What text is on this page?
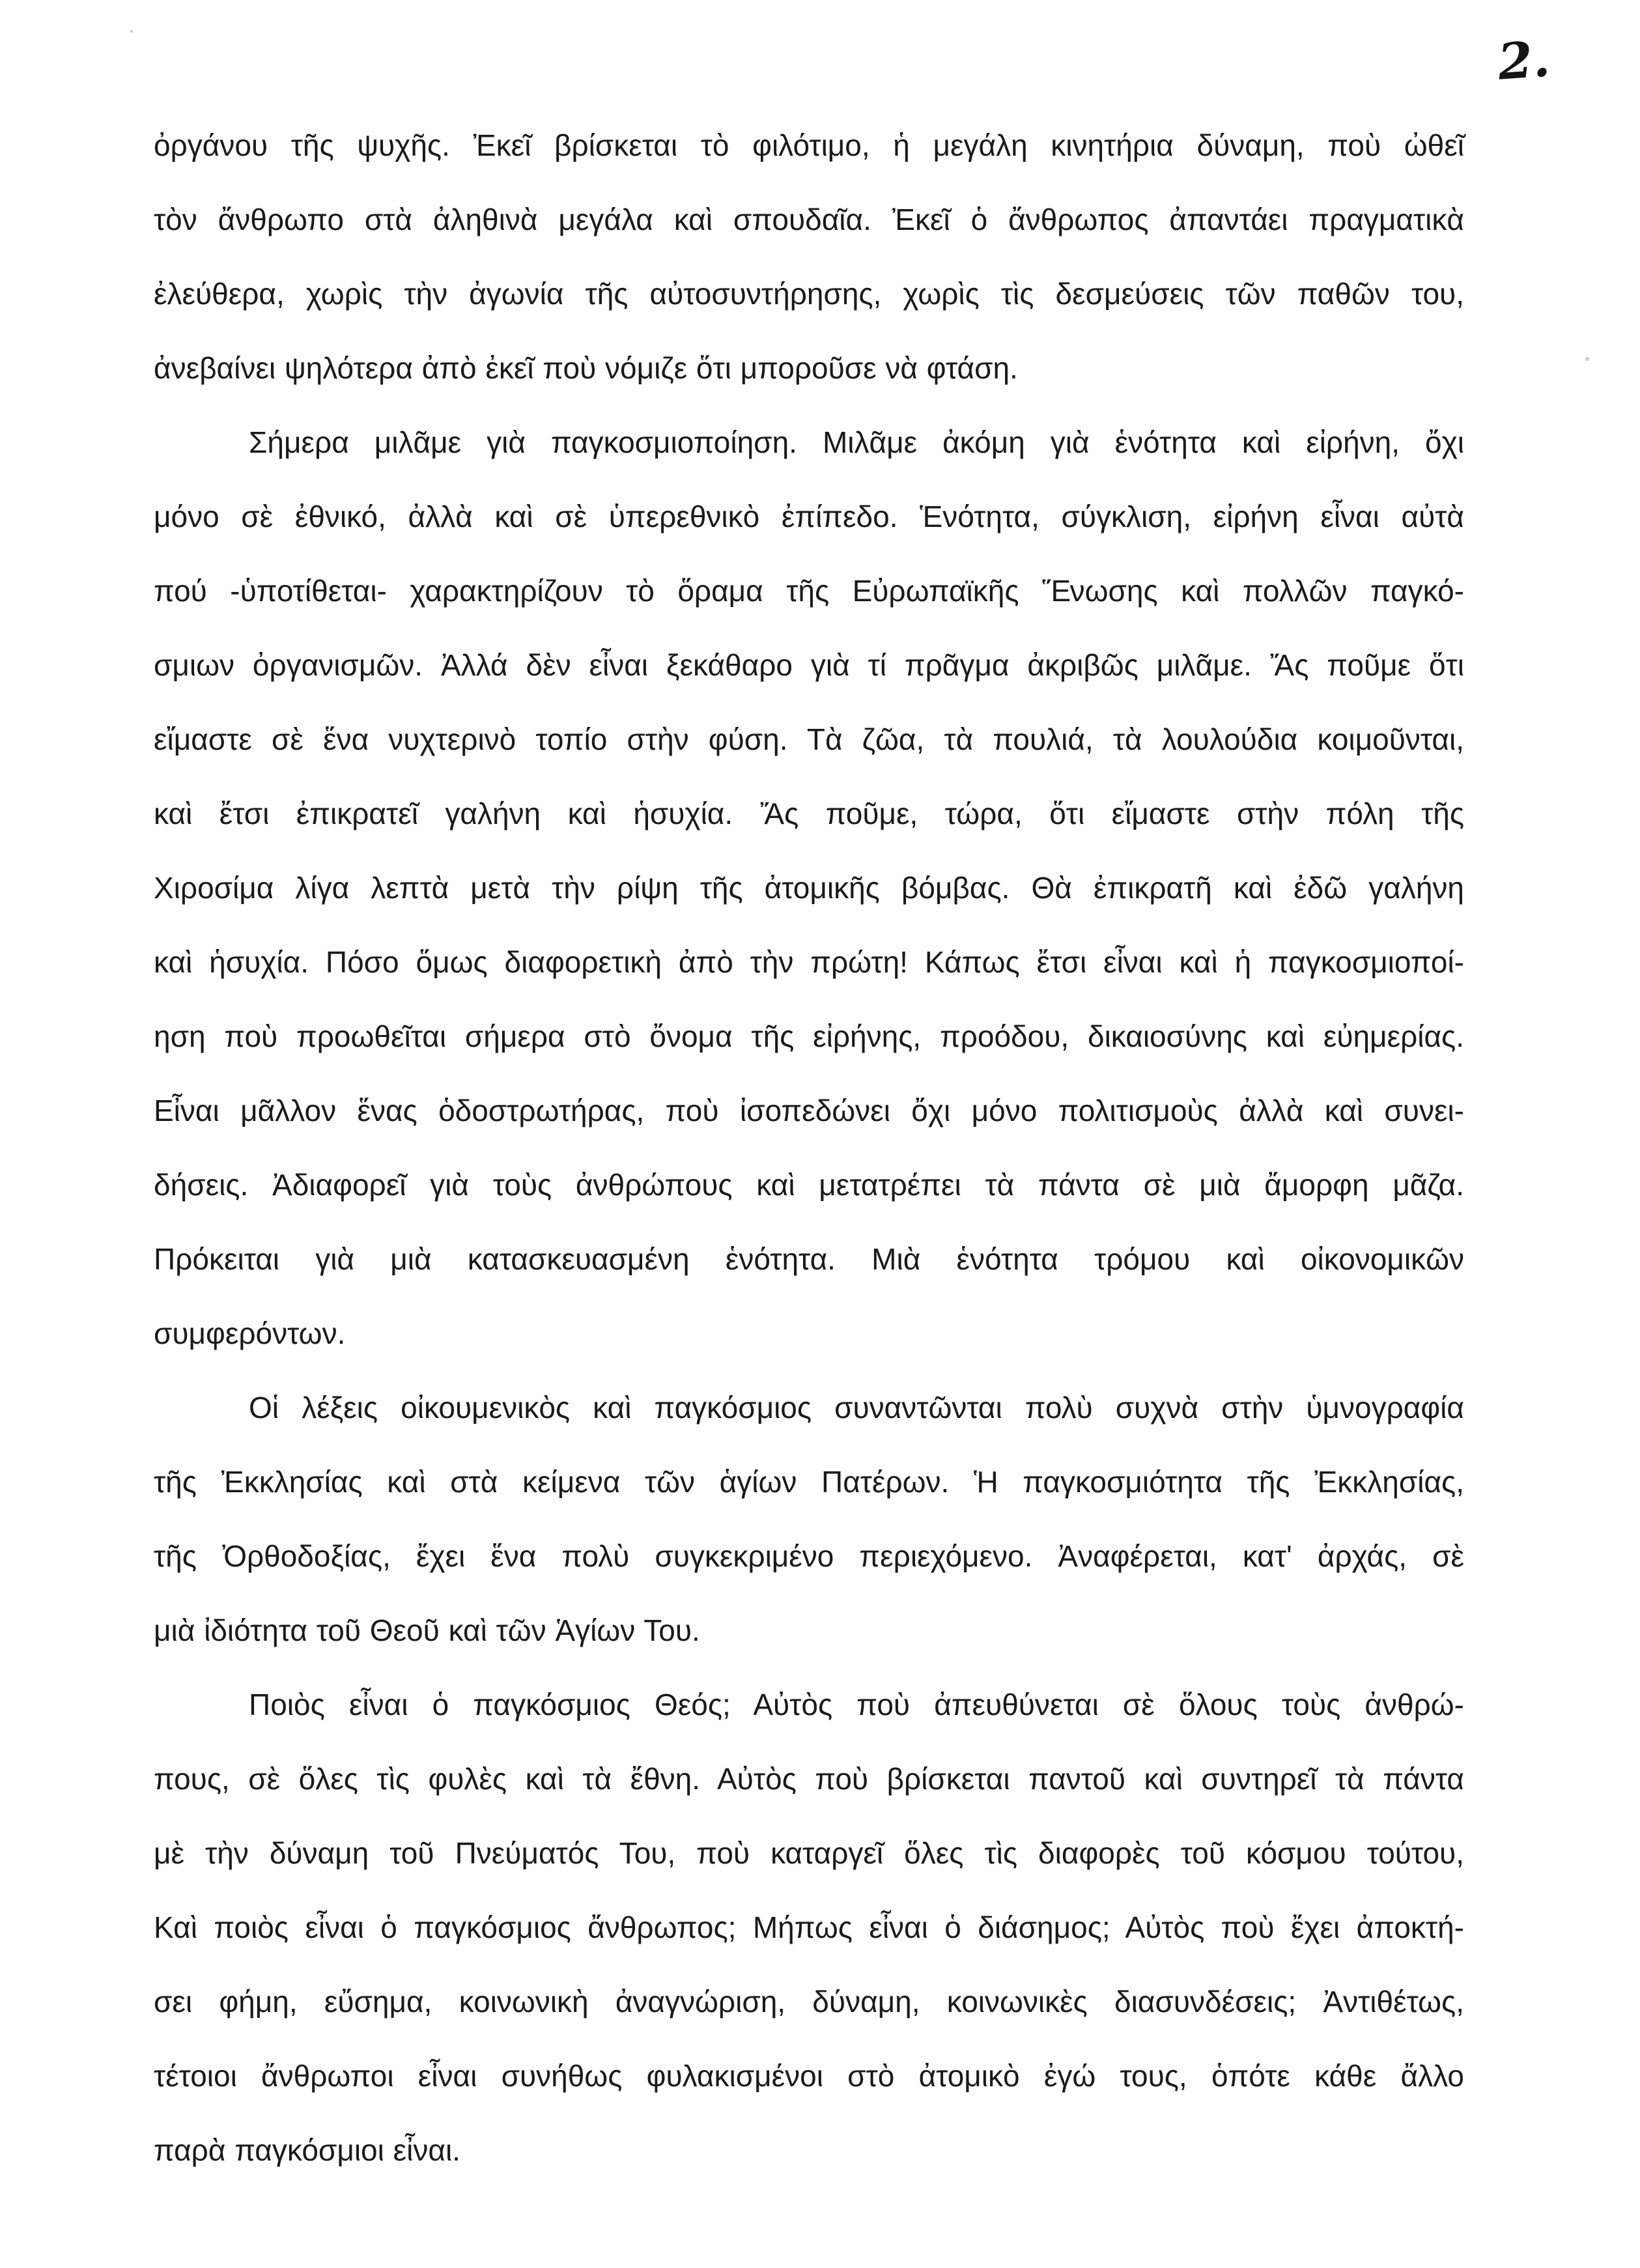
2.
ὀργάνου τῆς ψυχῆς. Ἐκεῖ βρίσκεται τὸ φιλότιμο, ἡ μεγάλη κινητήρια δύναμη, ποὺ ὠθεῖ
τὸν ἄνθρωπο στὰ ἀληθινὰ μεγάλα καὶ σπουδαῖα. Ἐκεῖ ὁ ἄνθρωπος ἀπαντάει πραγματικὰ
ἐλεύθερα, χωρὶς τὴν ἀγωνία τῆς αὐτοσυντήρησης, χωρὶς τὶς δεσμεύσεις τῶν παθῶν του,
ἀνεβαίνει ψηλότερα ἀπὸ ἐκεῖ ποὺ νόμιζε ὅτι μποροῦσε νὰ φτάση.
Σήμερα μιλᾶμε γιὰ παγκοσμιοποίηση. Μιλᾶμε ἀκόμη γιὰ ἑνότητα καὶ εἰρήνη, ὄχι
μόνο σὲ ἐθνικό, ἀλλὰ καὶ σὲ ὑπερεθνικὸ ἐπίπεδο. Ἑνότητα, σύγκλιση, εἰρήνη εἶναι αὐτὰ
πού -ὑποτίθεται- χαρακτηρίζουν τὸ ὅραμα τῆς Εὐρωπαϊκῆς Ἕνωσης καὶ πολλῶν παγκό-
σμιων ὀργανισμῶν. Ἀλλά δὲν εἶναι ξεκάθαρο γιὰ τί πρᾶγμα ἀκριβῶς μιλᾶμε. Ἄς ποῦμε ὅτι
εἴμαστε σὲ ἕνα νυχτερινὸ τοπίο στὴν φύση. Τὰ ζῶα, τὰ πουλιά, τὰ λουλούδια κοιμοῦνται,
καὶ ἔτσι ἐπικρατεῖ γαλήνη καὶ ἡσυχία. Ἄς ποῦμε, τώρα, ὅτι εἴμαστε στὴν πόλη τῆς
Χιροσίμα λίγα λεπτὰ μετὰ τὴν ρίψη τῆς ἀτομικῆς βόμβας. Θὰ ἐπικρατῆ καὶ ἐδῶ γαλήνη
καὶ ἡσυχία. Πόσο ὅμως διαφορετικὴ ἀπὸ τὴν πρώτη! Κάπως ἔτσι εἶναι καὶ ἡ παγκοσμιοποί-
ηση ποὺ προωθεῖται σήμερα στὸ ὄνομα τῆς εἰρήνης, προόδου, δικαιοσύνης καὶ εὐημερίας.
Εἶναι μᾶλλον ἕνας ὁδοστρωτήρας, ποὺ ἰσοπεδώνει ὄχι μόνο πολιτισμοὺς ἀλλὰ καὶ συνει-
δήσεις. Ἀδιαφορεῖ γιὰ τοὺς ἀνθρώπους καὶ μετατρέπει τὰ πάντα σὲ μιὰ ἄμορφη μᾶζα.
Πρόκειται γιὰ μιὰ κατασκευασμένη ἑνότητα. Μιὰ ἑνότητα τρόμου καὶ οἰκονομικῶν
συμφερόντων.
Οἱ λέξεις οἰκουμενικὸς καὶ παγκόσμιος συναντῶνται πολὺ συχνὰ στὴν ὑμνογραφία
τῆς Ἐκκλησίας καὶ στὰ κείμενα τῶν ἁγίων Πατέρων. Ἡ παγκοσμιότητα τῆς Ἐκκλησίας,
τῆς Ὀρθοδοξίας, ἔχει ἕνα πολὺ συγκεκριμένο περιεχόμενο. Ἀναφέρεται, κατ' ἀρχάς, σὲ
μιὰ ἰδιότητα τοῦ Θεοῦ καὶ τῶν Ἁγίων Του.
Ποιὸς εἶναι ὁ παγκόσμιος Θεός; Αὐτὸς ποὺ ἀπευθύνεται σὲ ὅλους τοὺς ἀνθρώ-
πους, σὲ ὅλες τὶς φυλὲς καὶ τὰ ἔθνη. Αὐτὸς ποὺ βρίσκεται παντοῦ καὶ συντηρεῖ τὰ πάντα
μὲ τὴν δύναμη τοῦ Πνεύματός Του, ποὺ καταργεῖ ὅλες τὶς διαφορὲς τοῦ κόσμου τούτου,
Καὶ ποιὸς εἶναι ὁ παγκόσμιος ἄνθρωπος; Μήπως εἶναι ὁ διάσημος; Αὐτὸς ποὺ ἔχει ἀποκτή-
σει φήμη, εὔσημα, κοινωνικὴ ἀναγνώριση, δύναμη, κοινωνικὲς διασυνδέσεις; Ἀντιθέτως,
τέτοιοι ἄνθρωποι εἶναι συνήθως φυλακισμένοι στὸ ἀτομικὸ ἐγώ τους, ὁπότε κάθε ἄλλο
παρὰ παγκόσμιοι εἶναι.
